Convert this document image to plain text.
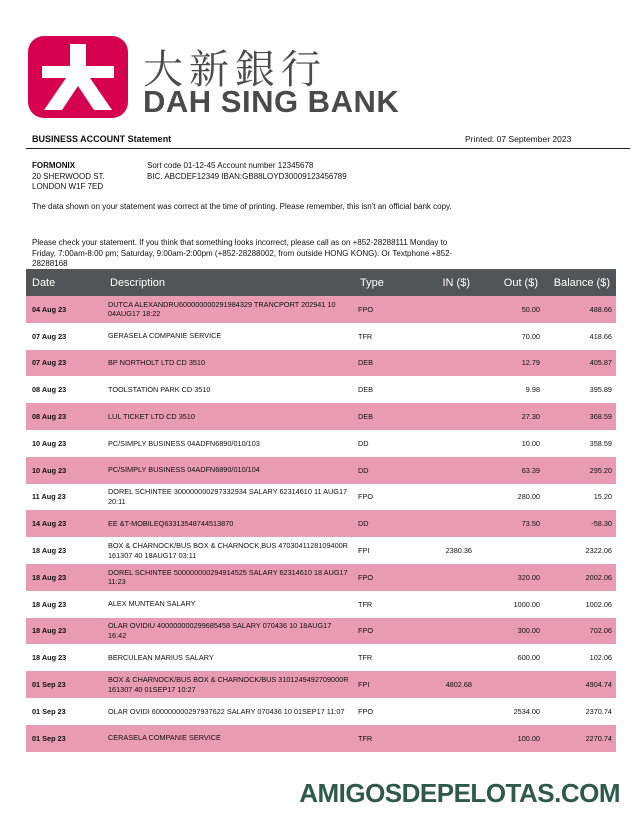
大新銀行
DAH SING BANK
BUSINESS ACCOUNT Statement	Printed: 07 September 2023
FORMONIX
20 SHERWOOD ST.
LONDON W1F 7ED
Sort code 01-12-45 Account number 12345678
BIC. ABCDEF12349 IBAN:GB88LOYD30009123456789
The data shown on your statement was correct at the time of printing. Please remember, this isn't an official bank copy.
Please check your statement. If you think that something looks incorrect, please call as on +852-28288111 Monday to Friday, 7:00am-8:00 pm; Saturday, 9:00am-2:00pm (+852-28288002, from outside HONG KONG). Or Textphone +852-28288168
Date	Description	Type	IN ($)	Out ($)	Balance ($)
04 Aug 23	DUTCA ALEXANDRU600000000291984329 TRANCPORT 202941 10 04AUG17 18:22	FPO		50.00	488.66
07 Aug 23	GERASELA COMPANIE SERVICE	TFR		70.00	418.66
07 Aug 23	BP NORTHOLT LTD CD 3510	DEB		12.79	405.87
08 Aug 23	TOOLSTATION PARK CD 3510	DEB		9.98	395.89
08 Aug 23	LUL TICKET LTD CD 3510	DEB		27.30	368.59
10 Aug 23	PC/SIMPLY BUSINESS 04ADFN6890/010/103	DD		10.00	358.59
10 Aug 23	PC/SIMPLY BUSINESS 04ADFN6890/010/104	DD		63.39	295.20
11 Aug 23	DOREL SCHINTEE 300000000297332934 SALARY 62314610 11 AUG17 20:11	FPO		280.00	15.20
14 Aug 23	EE &T-MOBILEQ63313548744513870	DD		73.50	-58.30
18 Aug 23	BOX & CHARNOCK/BUS BOX & CHARNOCK,BUS 4703041128109400R 161307 40 18AUG17 03:11	FPI	2380.36		2322.06
18 Aug 23	DOREL SCHINTEE 500000000294914525 SALARY 62314610 18 AUG17 11:23	FPO		320.00	2002.06
18 Aug 23	ALEX MUNTEAN SALARY	TFR		1000.00	1002.06
18 Aug 23	OLAR OVIDIU 400000000299685458 SALARY 070436 10 18AUG17 16:42	FPO		300.00	702.06
18 Aug 23	BERCULEAN MARIUS SALARY	TFR		600.00	102.06
01 Sep 23	BOX & CHARNOCK/BUS BOX & CHARNOCK/BUS 3101249492709000R 161307 40 01SEP17 10:27	FPI	4802.68		4904.74
01 Sep 23	OLAR OVIDI 600000000297937622 SALARY 070436 10 01SEP17 11:07	FPO		2534.00	2370.74
01 Sep 23	CERASELA COMPANIE SERVICE	TFR		100.00	2270.74
AMIGOSDEPELOTAS.COM
